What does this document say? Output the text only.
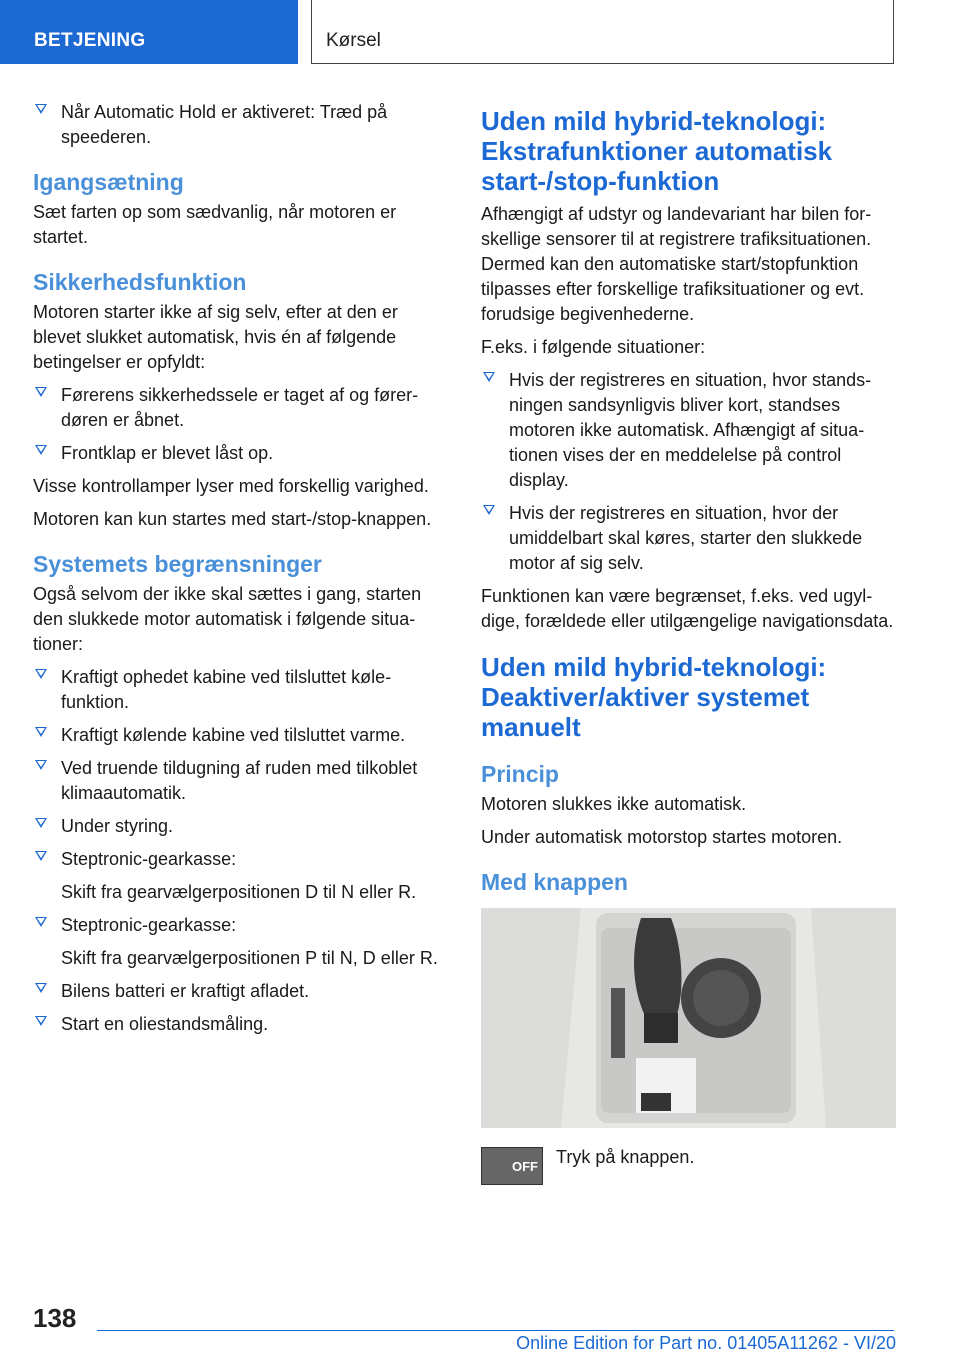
BETJENING	Kørsel
Når Automatic Hold er aktiveret: Træd på speederen.
Igangsætning

Sæt farten op som sædvanlig, når motoren er startet.

Sikkerhedsfunktion

Motoren starter ikke af sig selv, efter at den er blevet slukket automatisk, hvis én af følgende betingelser er opfyldt:

Førerens sikkerhedssele er taget af og førerdøren er åbnet.
Frontklap er blevet låst op.

Visse kontrollamper lyser med forskellig varighed.

Motoren kan kun startes med start-/stop-knappen.

Systemets begrænsninger

Også selvom der ikke skal sættes i gang, starten den slukkede motor automatisk i følgende situationer:

Kraftigt ophedet kabine ved tilsluttet kølefunktion.
Kraftigt kølende kabine ved tilsluttet varme.
Ved truende tildugning af ruden med tilkoblet klimaautomatik.
Under styring.
Steptronic-gearkasse:
Skift fra gearvælgerpositionen D til N eller R.
Steptronic-gearkasse:
Skift fra gearvælgerpositionen P til N, D eller R.
Bilens batteri er kraftigt afladet.
Start en oliestandsmåling.
Uden mild hybrid-teknologi: Ekstrafunktioner automatisk start-/stop-funktion

Afhængigt af udstyr og landevariant har bilen forskellige sensorer til at registrere trafiksituationen. Dermed kan den automatiske start/stopfunktion tilpasses efter forskellige trafiksituationer og evt. forudsige begivenhederne.

F.eks. i følgende situationer:

Hvis der registreres en situation, hvor standsningen sandsynligvis bliver kort, standses motoren ikke automatisk. Afhængigt af situationen vises der en meddelelse på control display.
Hvis der registreres en situation, hvor der umiddelbart skal køres, starter den slukkede motor af sig selv.

Funktionen kan være begrænset, f.eks. ved ugyldige, forældede eller utilgængelige navigationsdata.

Uden mild hybrid-teknologi: Deaktiver/aktiver systemet manuelt
Princip

Motoren slukkes ikke automatisk.

Under automatisk motorstop startes motoren.

Med knappen
OFF Tryk på knappen.

138
Online Edition for Part no. 01405A11262 - VI/20
